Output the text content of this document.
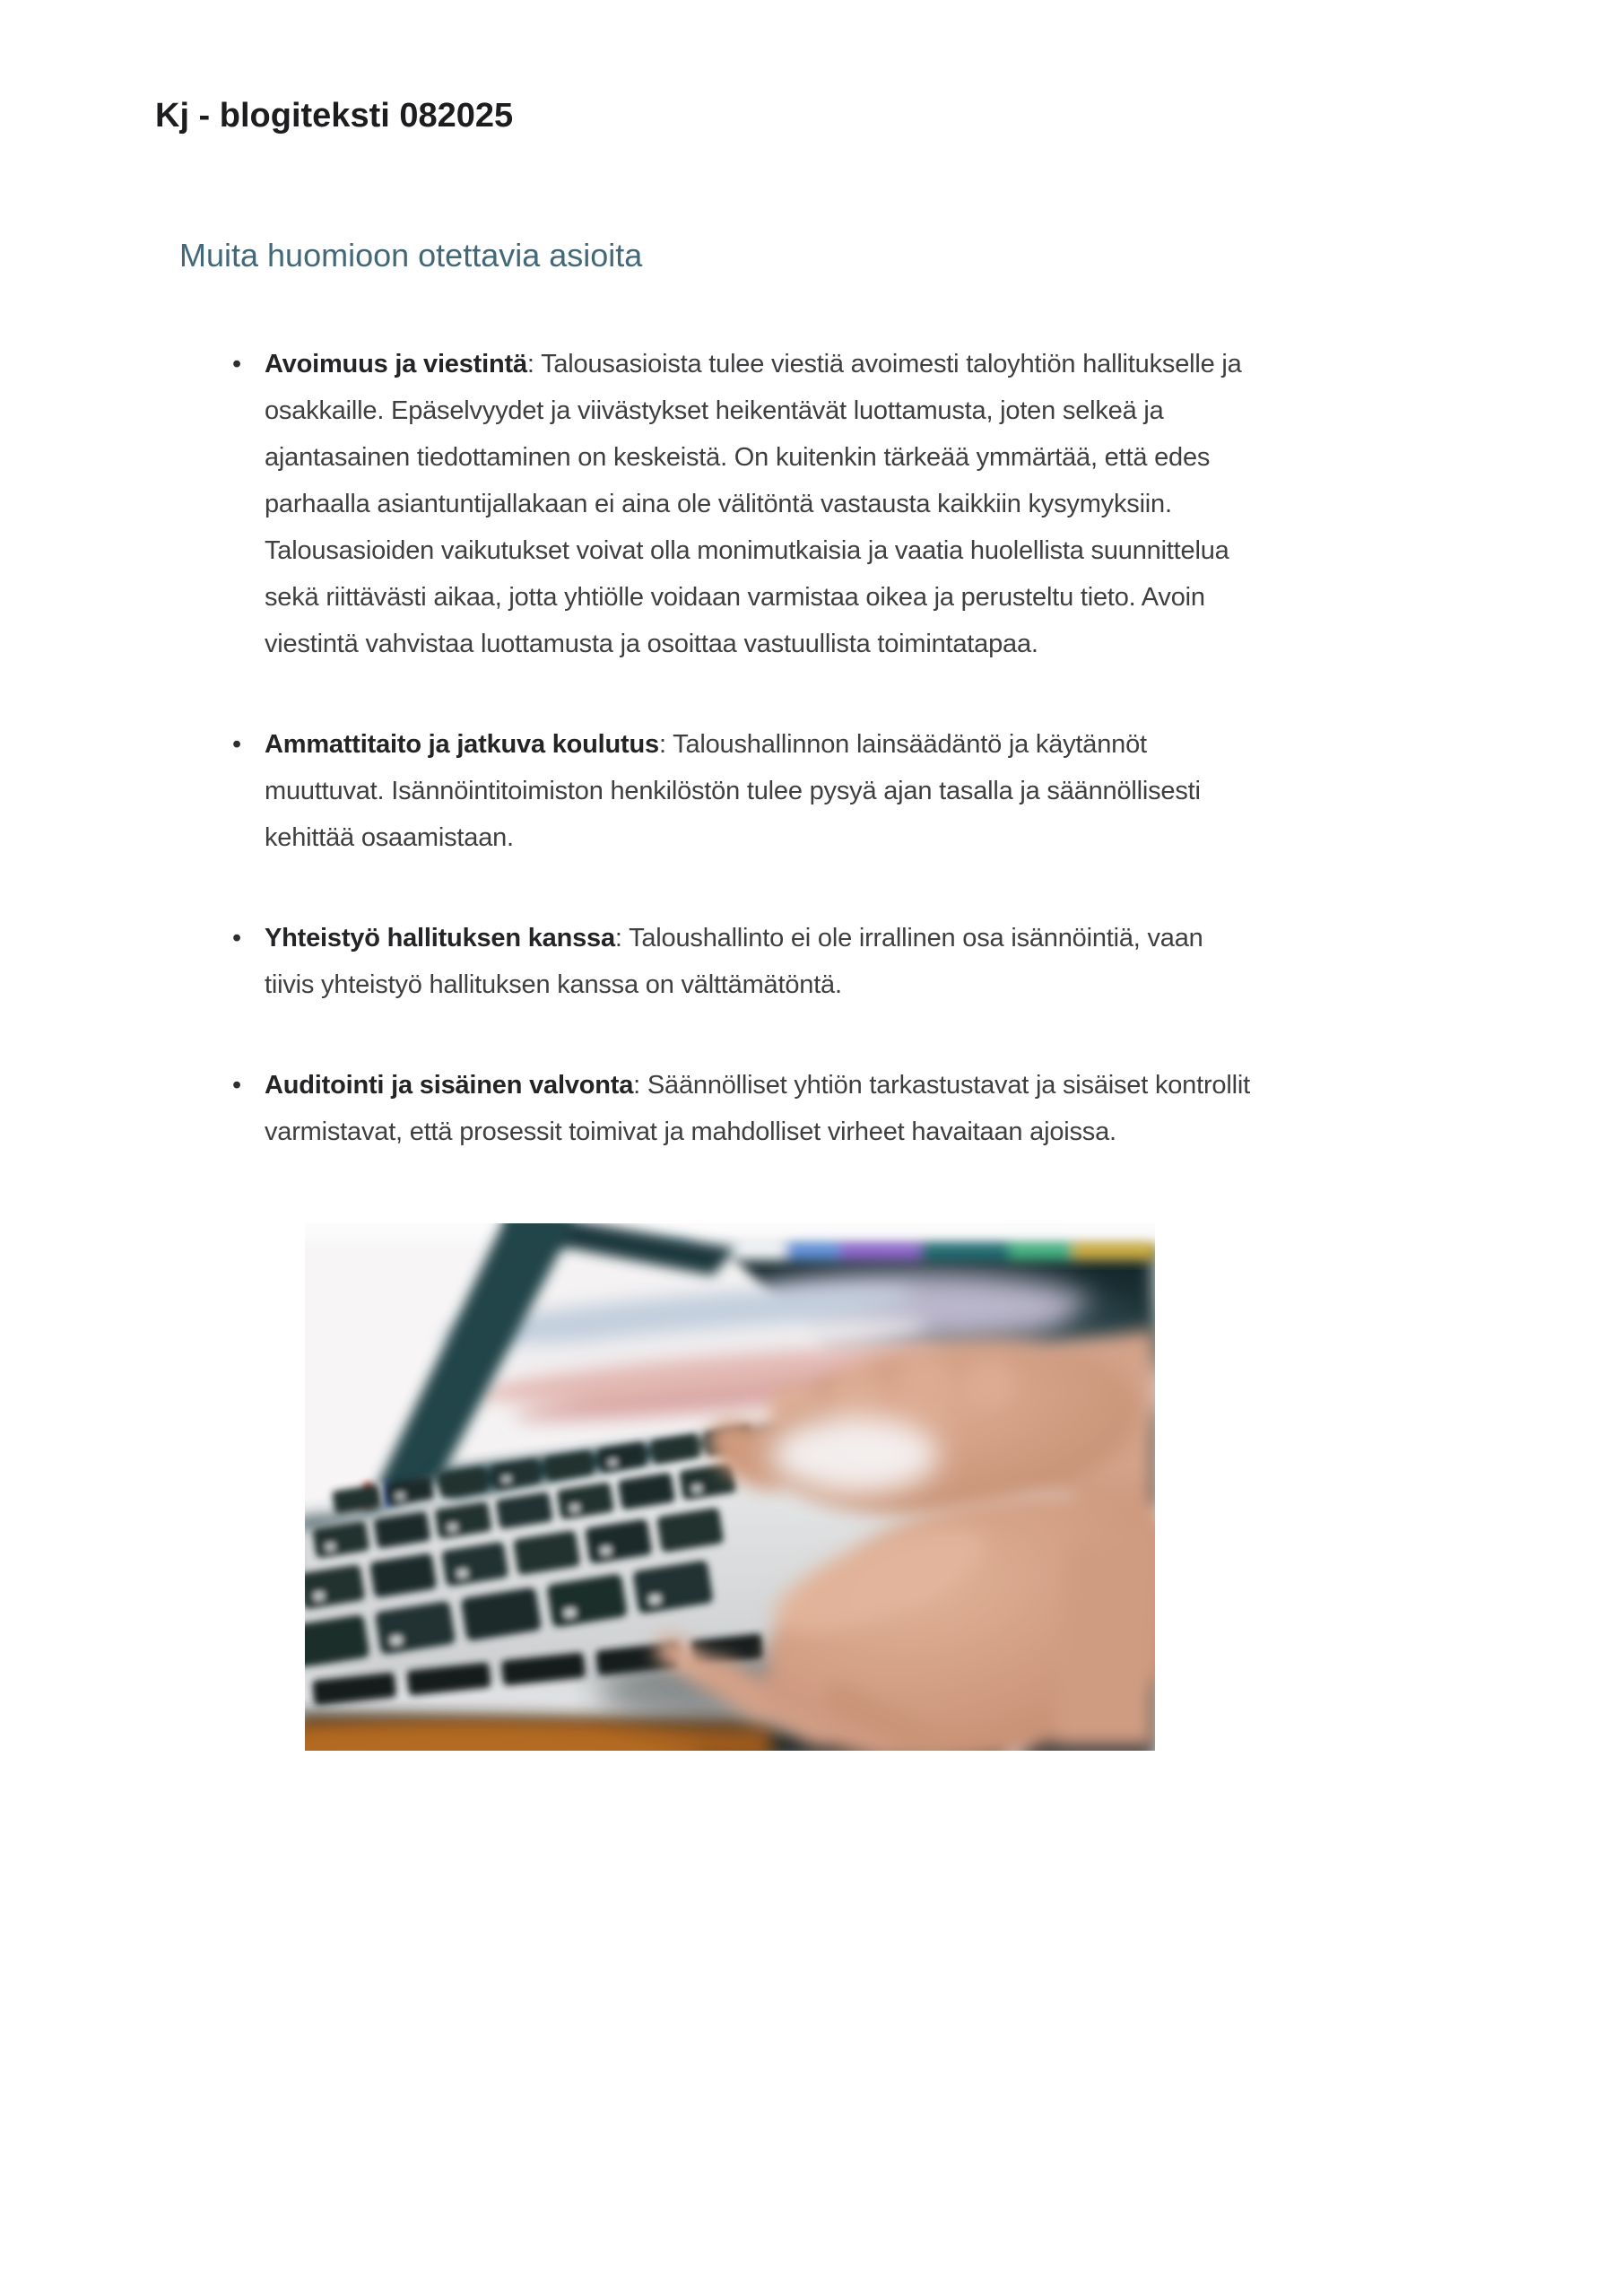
Kj - blogiteksti 082025
Muita huomioon otettavia asioita
• Avoimuus ja viestintä: Talousasioista tulee viestiä avoimesti taloyhtiön hallitukselle ja osakkaille. Epäselvyydet ja viivästykset heikentävät luottamusta, joten selkeä ja ajantasainen tiedottaminen on keskeistä. On kuitenkin tärkeää ymmärtää, että edes parhaalla asiantuntijallakaan ei aina ole välitöntä vastausta kaikkiin kysymyksiin. Talousasioiden vaikutukset voivat olla monimutkaisia ja vaatia huolellista suunnittelua sekä riittävästi aikaa, jotta yhtiölle voidaan varmistaa oikea ja perusteltu tieto. Avoin viestintä vahvistaa luottamusta ja osoittaa vastuullista toimintatapaa.
• Ammattitaito ja jatkuva koulutus: Taloushallinnon lainsäädäntö ja käytännöt muuttuvat. Isännöintitoimiston henkilöstön tulee pysyä ajan tasalla ja säännöllisesti kehittää osaamistaan.
• Yhteistyö hallituksen kanssa: Taloushallinto ei ole irrallinen osa isännöintiä, vaan tiivis yhteistyö hallituksen kanssa on välttämätöntä.
• Auditointi ja sisäinen valvonta: Säännölliset yhtiön tarkastustavat ja sisäiset kontrollit varmistavat, että prosessit toimivat ja mahdolliset virheet havaitaan ajoissa.
